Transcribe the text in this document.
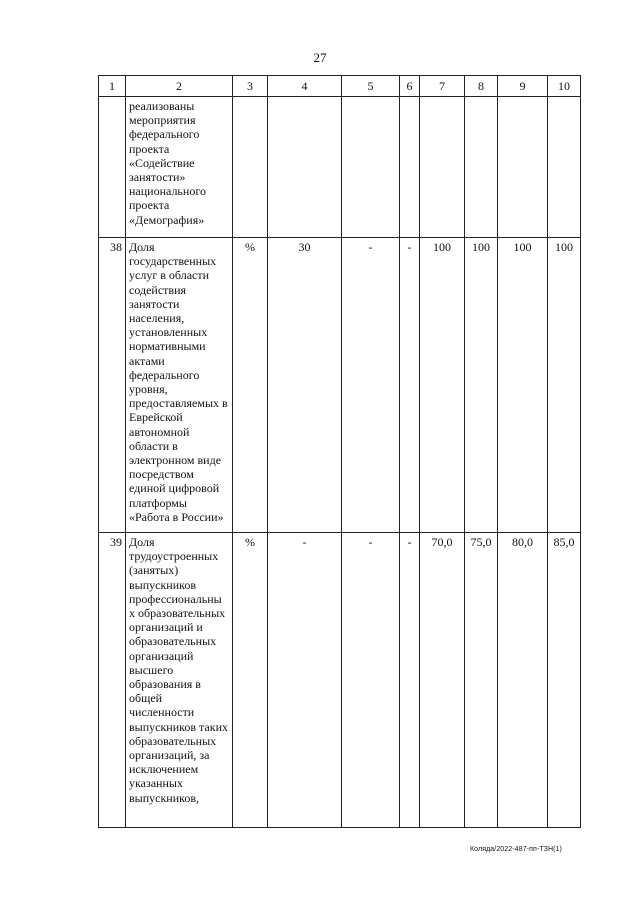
27
1	2	3	4	5	6	7	8	9	10
	реализованы мероприятия федерального проекта «Содействие занятости» национального проекта «Демография»								
38	Доля государственных услуг в области содействия занятости населения, установленных нормативными актами федерального уровня, предоставляемых в Еврейской автономной области в электронном виде посредством единой цифровой платформы «Работа в России»	%	30	-	-	100	100	100	100
39	Доля трудоустроенных (занятых) выпускников профессиональны х образовательных организаций и образовательных организаций высшего образования в общей численности выпускников таких образовательных организаций, за исключением указанных выпускников,	%	-	-	-	70,0	75,0	80,0	85,0
Коляда/2022-487-пп-ТЗН(1)
